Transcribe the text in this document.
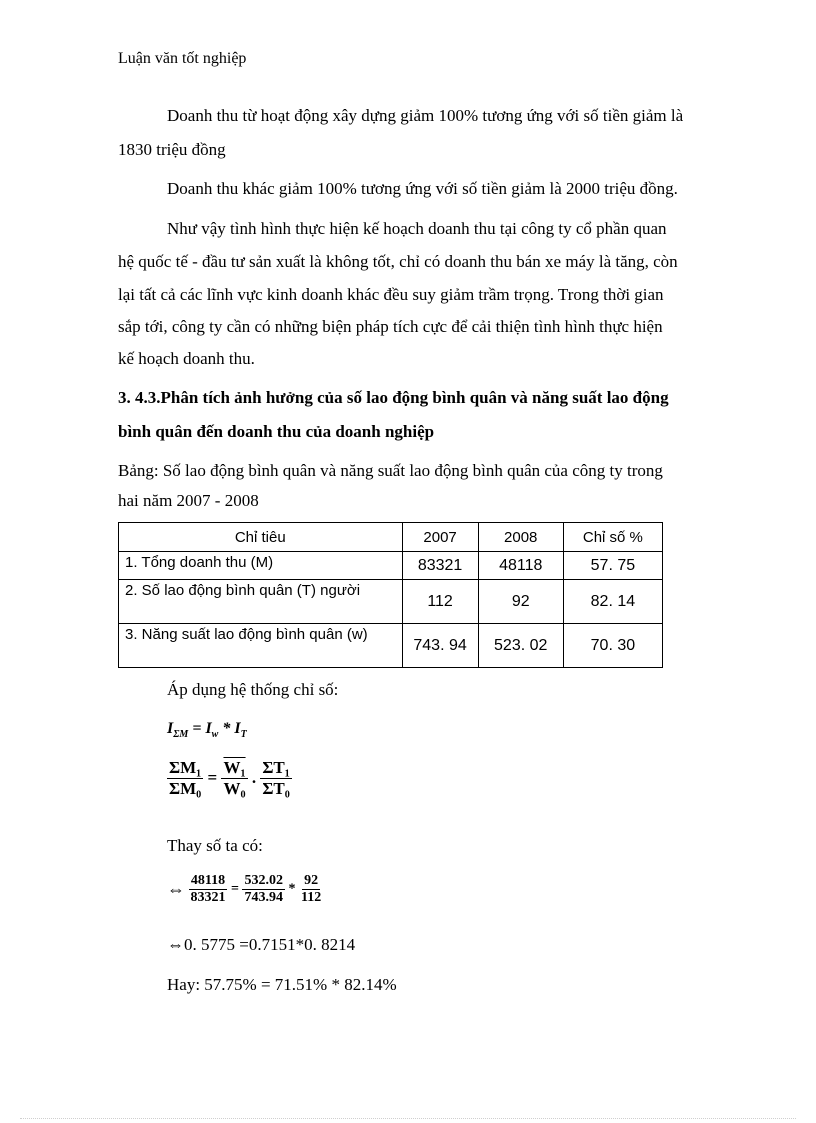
Luận văn tốt nghiệp
Doanh thu từ hoạt động xây dựng giảm 100% tương ứng với số tiền giảm là
1830 triệu đồng
Doanh thu khác giảm 100% tương ứng với số tiền giảm là 2000 triệu đồng.
Như vậy tình hình thực hiện kế hoạch doanh thu tại công ty cổ phần quan
hệ quốc tế - đầu tư sản xuất là không tốt, chỉ có doanh thu bán xe máy là tăng, còn
lại tất cả các lĩnh vực kinh doanh khác đều suy giảm trầm trọng. Trong thời gian
sắp tới, công ty cần có những biện pháp tích cực để cải thiện tình hình thực hiện
kế hoạch doanh thu.
3. 4.3.Phân tích ảnh hưởng của số lao động bình quân và năng suất lao động
bình quân đến doanh thu của doanh nghiệp
Bảng: Số lao động bình quân và năng suất lao động bình quân của công ty trong
hai năm 2007 - 2008
Chỉ tiêu	2007	2008	Chỉ số %
1. Tổng doanh thu (M)	83321	48118	57. 75
2. Số lao động bình quân (T) người	112	92	82. 14
3. Năng suất lao động bình quân (w)	743. 94	523. 02	70. 30
Áp dụng hệ thống chỉ số:
$I_{\Sigma M} = I_w * I_T$
$\frac{\text{ΣM₁}}{\text{ΣM₀}} = \frac{\text{W₁}}{\text{W₀}}$ . $\frac{\text{ΣT₁}}{\text{ΣT₀}}$
Thay số ta có:
⇔ $\frac{48118}{83321} = \frac{532.02}{743.94} * \frac{92}{112}$
⇔0. 5775 =0.7151*0. 8214
Hay: 57.75% = 71.51% * 82.14%
